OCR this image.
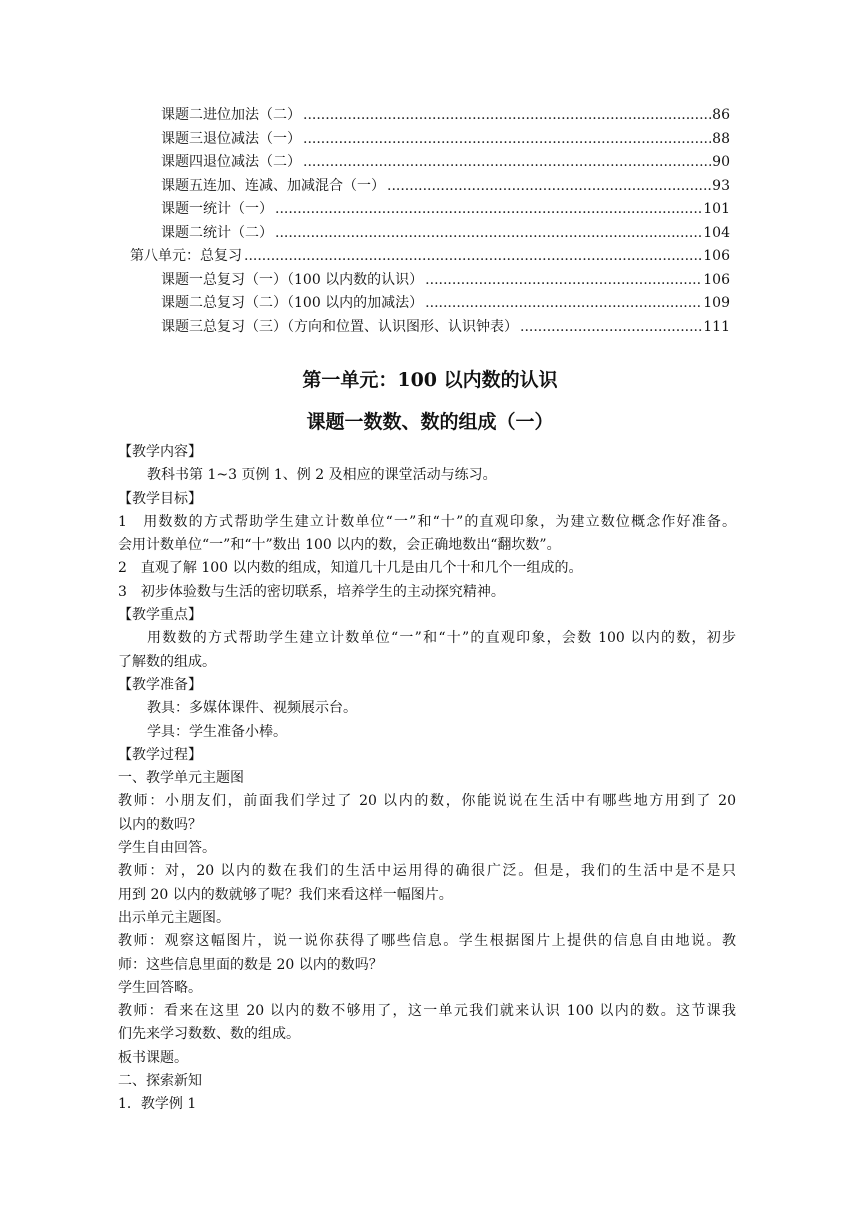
课题二进位加法（二） .....	86
课题三退位减法（一） .....	88
课题四退位减法（二） .....	90
课题五连加、连减、加减混合（一） .....	93
课题一统计（一） .....	101
课题二统计（二） .....	104
第八单元：总复习 .....	106
课题一总复习（一）（100 以内数的认识） .....	106
课题二总复习（二）（100 以内的加减法） .....	109
课题三总复习（三）（方向和位置、认识图形、认识钟表） .....	111
第一单元：100 以内数的认识
课题一数数、数的组成（一）
【教学内容】
教科书第 1~3 页例 1、例 2 及相应的课堂活动与练习。
【教学目标】
1　用数数的方式帮助学生建立计数单位“一”和“十”的直观印象，为建立数位概念作好准备。
会用计数单位“一”和“十”数出 100 以内的数，会正确地数出“翻坎数”。
2　直观了解 100 以内数的组成，知道几十几是由几个十和几个一组成的。
3　初步体验数与生活的密切联系，培养学生的主动探究精神。
【教学重点】
用数数的方式帮助学生建立计数单位“一”和“十”的直观印象，会数 100 以内的数，初步
了解数的组成。
【教学准备】
教具：多媒体课件、视频展示台。
学具：学生准备小棒。
【教学过程】
一、教学单元主题图
教师：小朋友们，前面我们学过了 20 以内的数，你能说说在生活中有哪些地方用到了 20
以内的数吗？
学生自由回答。
教师：对，20 以内的数在我们的生活中运用得的确很广泛。但是，我们的生活中是不是只
用到 20 以内的数就够了呢？我们来看这样一幅图片。
出示单元主题图。
教师：观察这幅图片，说一说你获得了哪些信息。学生根据图片上提供的信息自由地说。教
师：这些信息里面的数是 20 以内的数吗？
学生回答略。
教师：看来在这里 20 以内的数不够用了，这一单元我们就来认识 100 以内的数。这节课我
们先来学习数数、数的组成。
板书课题。
二、探索新知
1．教学例 1
